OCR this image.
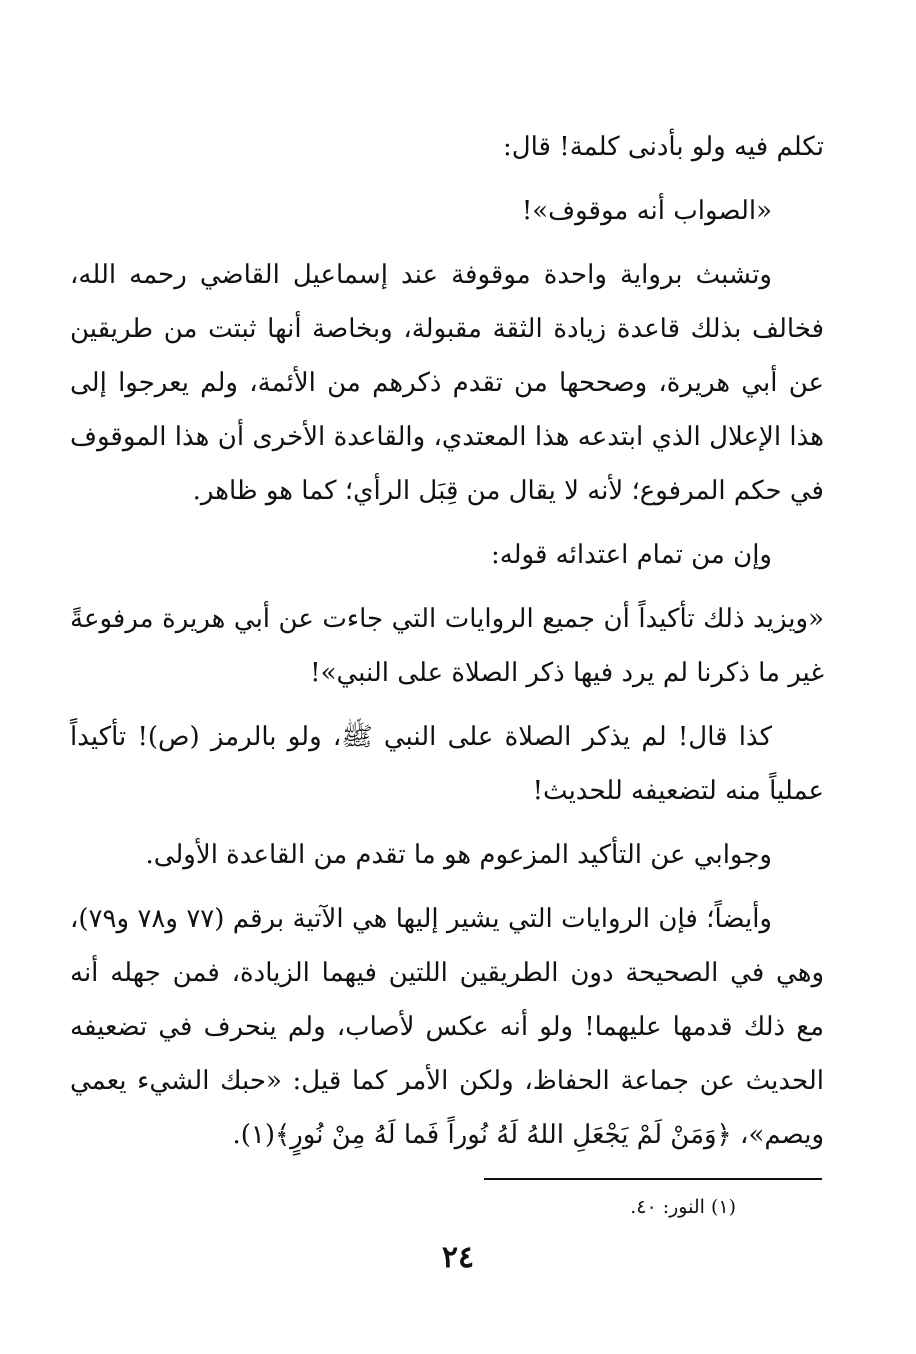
تكلم فيه ولو بأدنى كلمة! قال:

«الصواب أنه موقوف»!

وتشبث برواية واحدة موقوفة عند إسماعيل القاضي رحمه الله، فخالف بذلك قاعدة زيادة الثقة مقبولة، وبخاصة أنها ثبتت من طريقين عن أبي هريرة، وصححها من تقدم ذكرهم من الأئمة، ولم يعرجوا إلى هذا الإعلال الذي ابتدعه هذا المعتدي، والقاعدة الأخرى أن هذا الموقوف في حكم المرفوع؛ لأنه لا يقال من قِبَل الرأي؛ كما هو ظاهر.

وإن من تمام اعتدائه قوله:

«ويزيد ذلك تأكيداً أن جميع الروايات التي جاءت عن أبي هريرة مرفوعةً غير ما ذكرنا لم يرد فيها ذكر الصلاة على النبي»!

كذا قال! لم يذكر الصلاة على النبي ﷺ، ولو بالرمز (ص)! تأكيداً عملياً منه لتضعيفه للحديث!

وجوابي عن التأكيد المزعوم هو ما تقدم من القاعدة الأولى.

وأيضاً؛ فإن الروايات التي يشير إليها هي الآتية برقم (٧٧ و٧٨ و٧٩)، وهي في الصحيحة دون الطريقين اللتين فيهما الزيادة، فمن جهله أنه مع ذلك قدمها عليهما! ولو أنه عكس لأصاب، ولم ينحرف في تضعيفه الحديث عن جماعة الحفاظ، ولكن الأمر كما قيل: «حبك الشيء يعمي ويصم»، ﴿وَمَنْ لَمْ يَجْعَلِ اللهُ لَهُ نُوراً فَما لَهُ مِنْ نُورٍ﴾(١).

(١) النور: ٤٠.
٢٤
